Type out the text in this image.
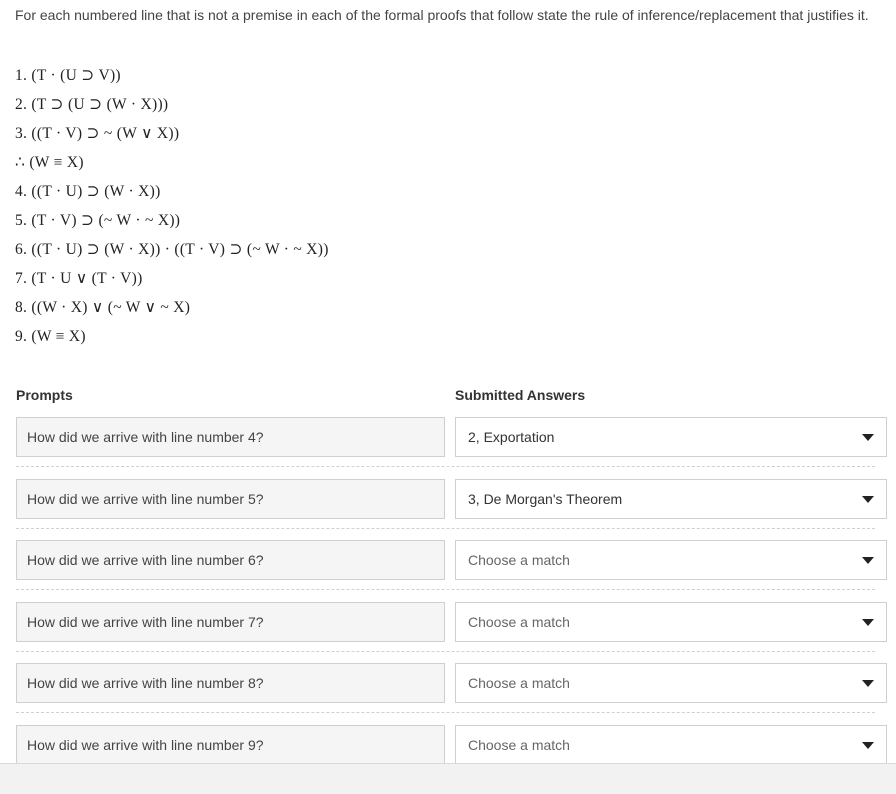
For each numbered line that is not a premise in each of the formal proofs that follow state the rule of inference/replacement that justifies it.
1. (T · (U ⊃ V))
2. (T ⊃ (U ⊃ (W · X)))
3. ((T · V) ⊃ ~ (W ∨ X))
∴ (W ≡ X)
4. ((T · U) ⊃ (W · X))
5. (T · V) ⊃ (~ W · ~ X))
6. ((T · U) ⊃ (W · X)) · ((T · V) ⊃ (~ W · ~ X))
7. (T · U ∨ (T · V))
8. ((W · X) ∨ (~ W ∨ ~ X)
9. (W ≡ X)
Prompts	Submitted Answers
How did we arrive with line number 4?	2, Exportation
How did we arrive with line number 5?	3, De Morgan's Theorem
How did we arrive with line number 6?	Choose a match
How did we arrive with line number 7?	Choose a match
How did we arrive with line number 8?	Choose a match
How did we arrive with line number 9?	Choose a match
